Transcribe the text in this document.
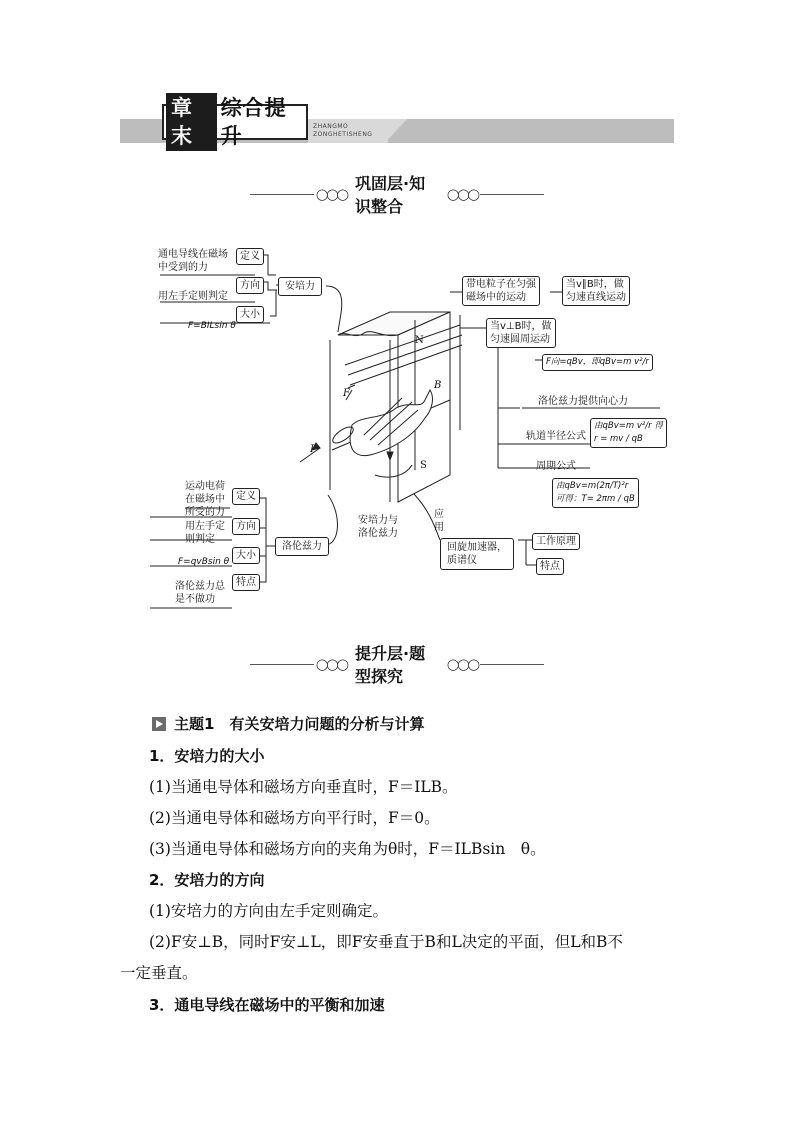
章末
综合提升	ZHANGMO
ZONGHETISHENG
◯◯◯
巩固层·知识整合
◯◯◯
N
S
F
B
I
通电导线在磁场
中受到的力
定义
方向
用左手定则判定
大小
F=BILsin θ
安培力	带电粒子在匀强
磁场中的运动
当v∥B时，做
匀速直线运动
当v⊥B时，做
匀速圆周运动
F向=qBv，即qBv=m v²/r
洛伦兹力提供向心力
轨道半径公式
由qBv=m v²/r 得
r = mv / qB
周期公式
由qBv=m(2π/T)²r
可得：T= 2πm / qB
运动电荷
在磁场中
所受的力
定义
用左手定
则判定
方向
F=qvBsin θ
大小
洛伦兹力总
是不做功
特点
洛伦兹力
安培力与
洛伦兹力
应
用
回旋加速器，
质谱仪
工作原理
特点
◯◯◯
提升层·题型探究
◯◯◯
主题1　有关安培力问题的分析与计算
1．安培力的大小
(1)当通电导体和磁场方向垂直时，F＝ILB。
(2)当通电导体和磁场方向平行时，F＝0。
(3)当通电导体和磁场方向的夹角为θ时，F＝ILBsin　θ。
2．安培力的方向
(1)安培力的方向由左手定则确定。
(2)F安⊥B，同时F安⊥L，即F安垂直于B和L决定的平面，但L和B不
一定垂直。
3．通电导线在磁场中的平衡和加速
